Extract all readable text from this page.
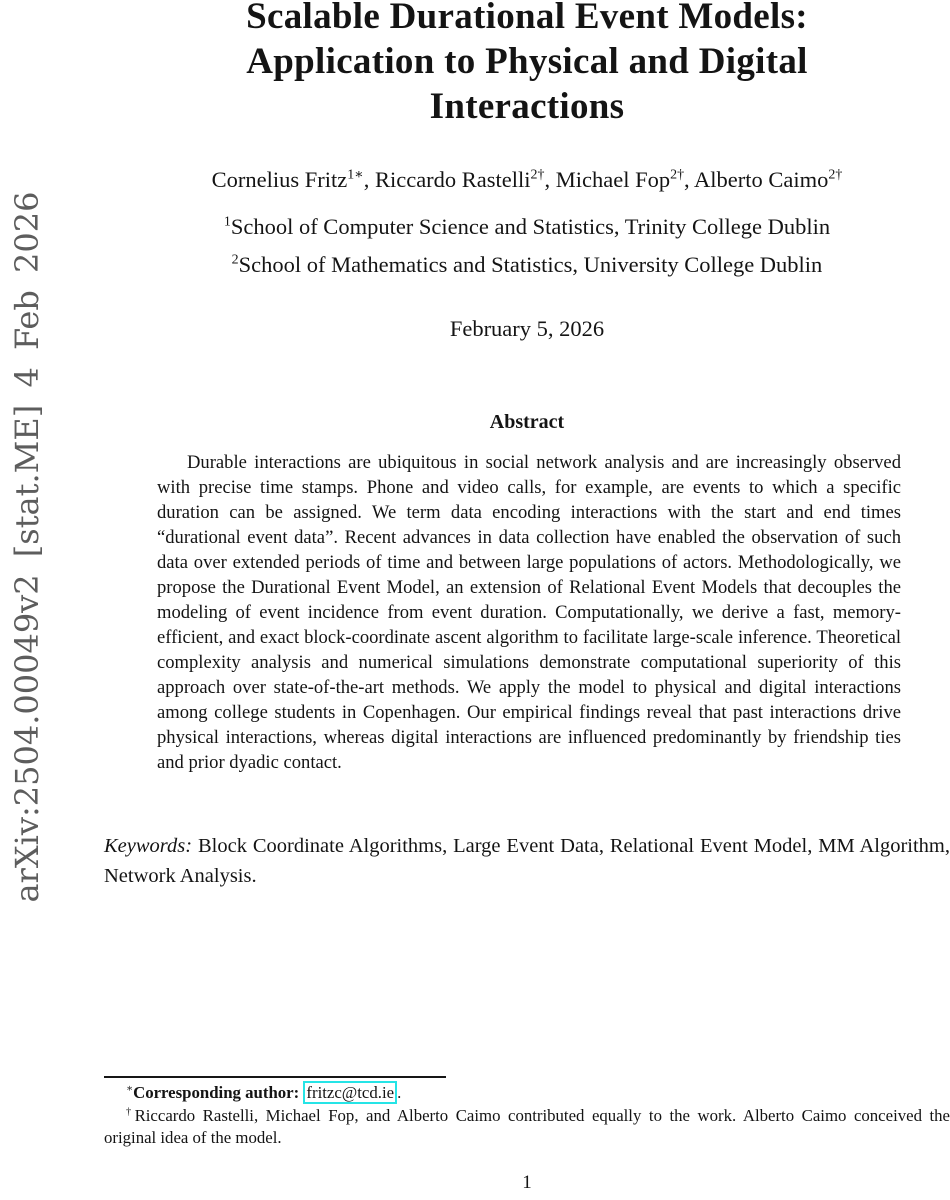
arXiv:2504.00049v2 [stat.ME] 4 Feb 2026
Scalable Durational Event Models:
Application to Physical and Digital
Interactions
Cornelius Fritz$^{1∗}$, Riccardo Rastelli$^{2\dagger}$, Michael Fop$^{2\dagger}$, Alberto Caimo$^{2\dagger}$
$^1$School of Computer Science and Statistics, Trinity College Dublin
$^2$School of Mathematics and Statistics, University College Dublin
February 5, 2026
Abstract

Durable interactions are ubiquitous in social network analysis and are increasingly observed with precise time stamps. Phone and video calls, for example, are events to which a specific duration can be assigned. We term data encoding interactions with the start and end times “durational event data”. Recent advances in data collection have enabled the observation of such data over extended periods of time and between large populations of actors. Methodologically, we propose the Durational Event Model, an extension of Relational Event Models that decouples the modeling of event incidence from event duration. Computationally, we derive a fast, memory-efficient, and exact block-coordinate ascent algorithm to facilitate large-scale inference. Theoretical complexity analysis and numerical simulations demonstrate computational superiority of this approach over state-of-the-art methods. We apply the model to physical and digital interactions among college students in Copenhagen. Our empirical findings reveal that past interactions drive physical interactions, whereas digital interactions are influenced predominantly by friendship ties and prior dyadic contact.

Keywords: Block Coordinate Algorithms, Large Event Data, Relational Event Model, MM Algorithm, Network Analysis.

∗Corresponding author: fritzc@tcd.ie .

†Riccardo Rastelli, Michael Fop, and Alberto Caimo contributed equally to the work. Alberto Caimo conceived the original idea of the model.

1
